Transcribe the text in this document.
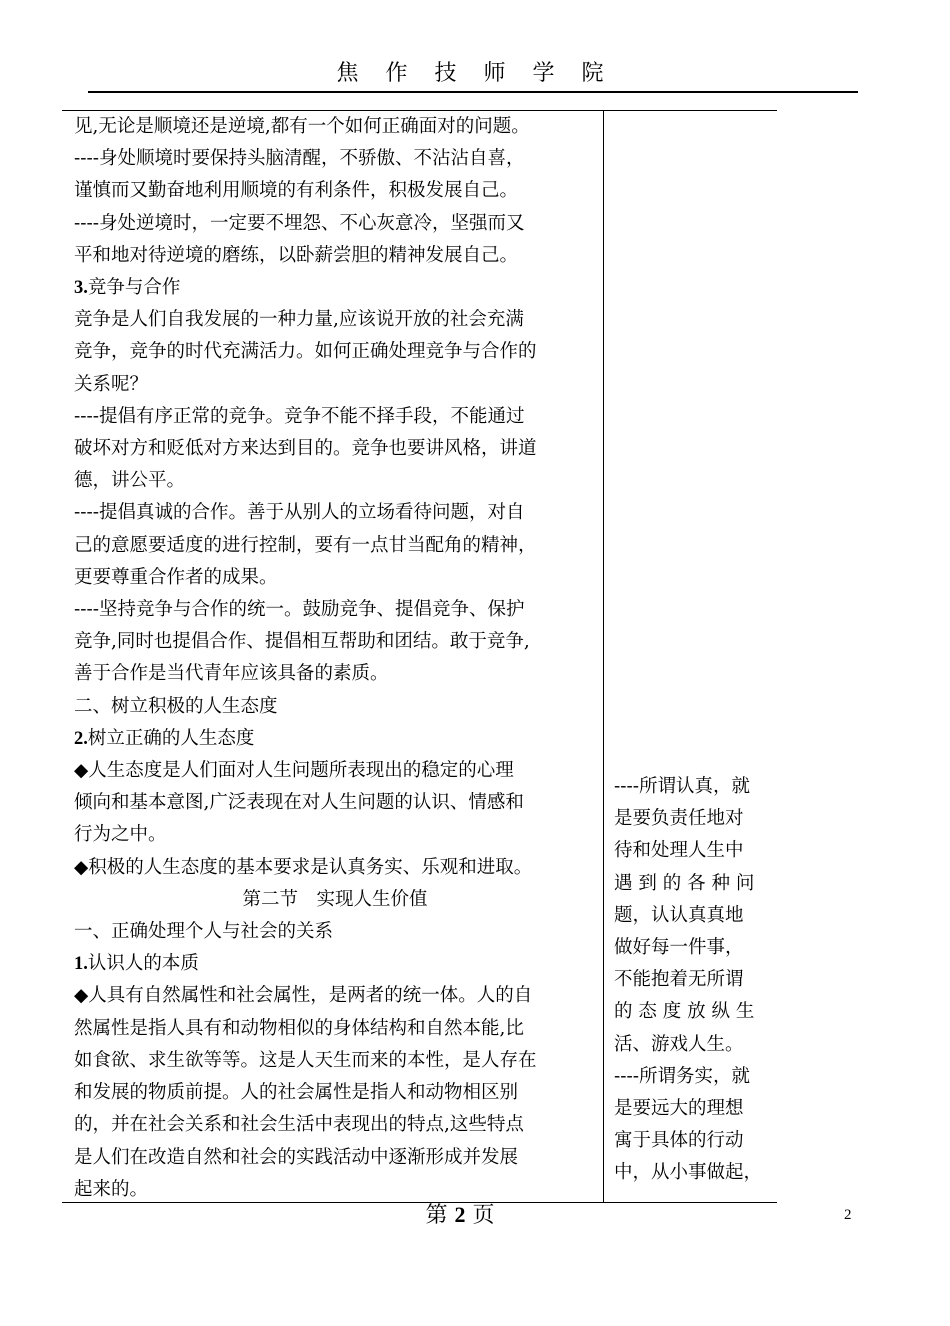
焦 作 技 师 学 院

见,无论是顺境还是逆境,都有一个如何正确面对的问题。

----身处顺境时要保持头脑清醒，不骄傲、不沾沾自喜，

谨慎而又勤奋地利用顺境的有利条件，积极发展自己。

----身处逆境时，一定要不埋怨、不心灰意冷，坚强而又

平和地对待逆境的磨练，以卧薪尝胆的精神发展自己。

3.竞争与合作

竞争是人们自我发展的一种力量,应该说开放的社会充满

竞争，竞争的时代充满活力。如何正确处理竞争与合作的

关系呢？

----提倡有序正常的竞争。竞争不能不择手段，不能通过

破坏对方和贬低对方来达到目的。竞争也要讲风格，讲道

德，讲公平。

----提倡真诚的合作。善于从别人的立场看待问题，对自

己的意愿要适度的进行控制，要有一点甘当配角的精神，

更要尊重合作者的成果。

----坚持竞争与合作的统一。鼓励竞争、提倡竞争、保护

竞争,同时也提倡合作、提倡相互帮助和团结。敢于竞争,

善于合作是当代青年应该具备的素质。

二、树立积极的人生态度

2.树立正确的人生态度

◆人生态度是人们面对人生问题所表现出的稳定的心理

倾向和基本意图,广泛表现在对人生问题的认识、情感和

行为之中。

◆积极的人生态度的基本要求是认真务实、乐观和进取。

第二节　实现人生价值

一、正确处理个人与社会的关系

1.认识人的本质

◆人具有自然属性和社会属性，是两者的统一体。人的自

然属性是指人具有和动物相似的身体结构和自然本能,比

如食欲、求生欲等等。这是人天生而来的本性，是人存在

和发展的物质前提。人的社会属性是指人和动物相区别

的，并在社会关系和社会生活中表现出的特点,这些特点

是人们在改造自然和社会的实践活动中逐渐形成并发展

起来的。

----所谓认真，就

是要负责任地对

待和处理人生中

遇 到 的 各 种 问

题，认认真真地

做好每一件事，

不能抱着无所谓

的 态 度 放 纵 生

活、游戏人生。

----所谓务实，就

是要远大的理想

寓于具体的行动

中，从小事做起，

第 2 页	2
